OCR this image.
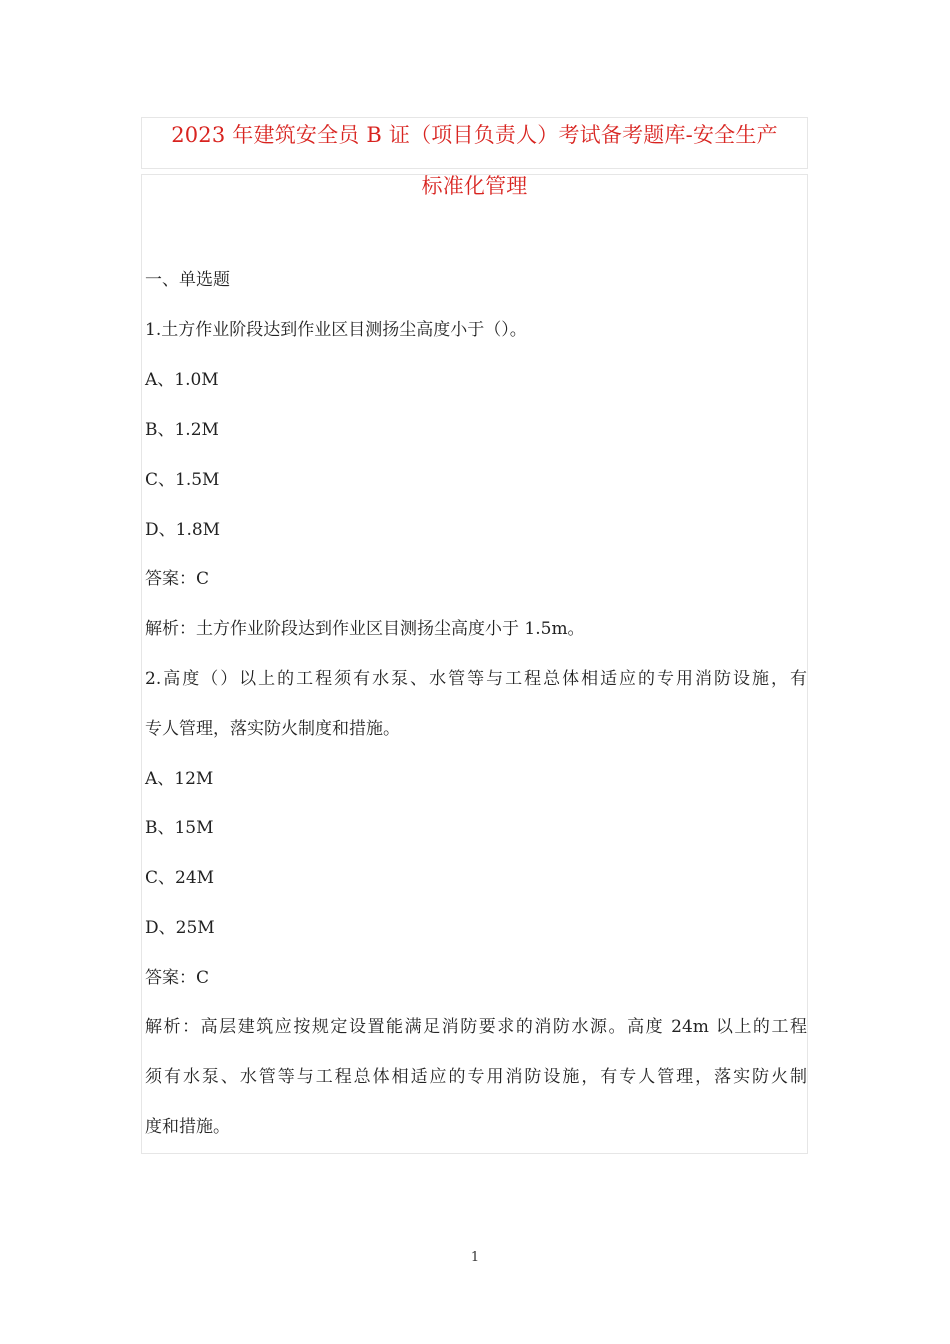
2023 年建筑安全员 B 证（项目负责人）考试备考题库-安全生产
标准化管理
一、单选题
1.土方作业阶段达到作业区目测扬尘高度小于（）。
A、1.0M
B、1.2M
C、1.5M
D、1.8M
答案：C
解析：土方作业阶段达到作业区目测扬尘高度小于 1.5m。
2.高度（）以上的工程须有水泵、水管等与工程总体相适应的专用消防设施，有
专人管理，落实防火制度和措施。
A、12M
B、15M
C、24M
D、25M
答案：C
解析：高层建筑应按规定设置能满足消防要求的消防水源。高度 24m 以上的工程
须有水泵、水管等与工程总体相适应的专用消防设施，有专人管理，落实防火制
度和措施。
1
